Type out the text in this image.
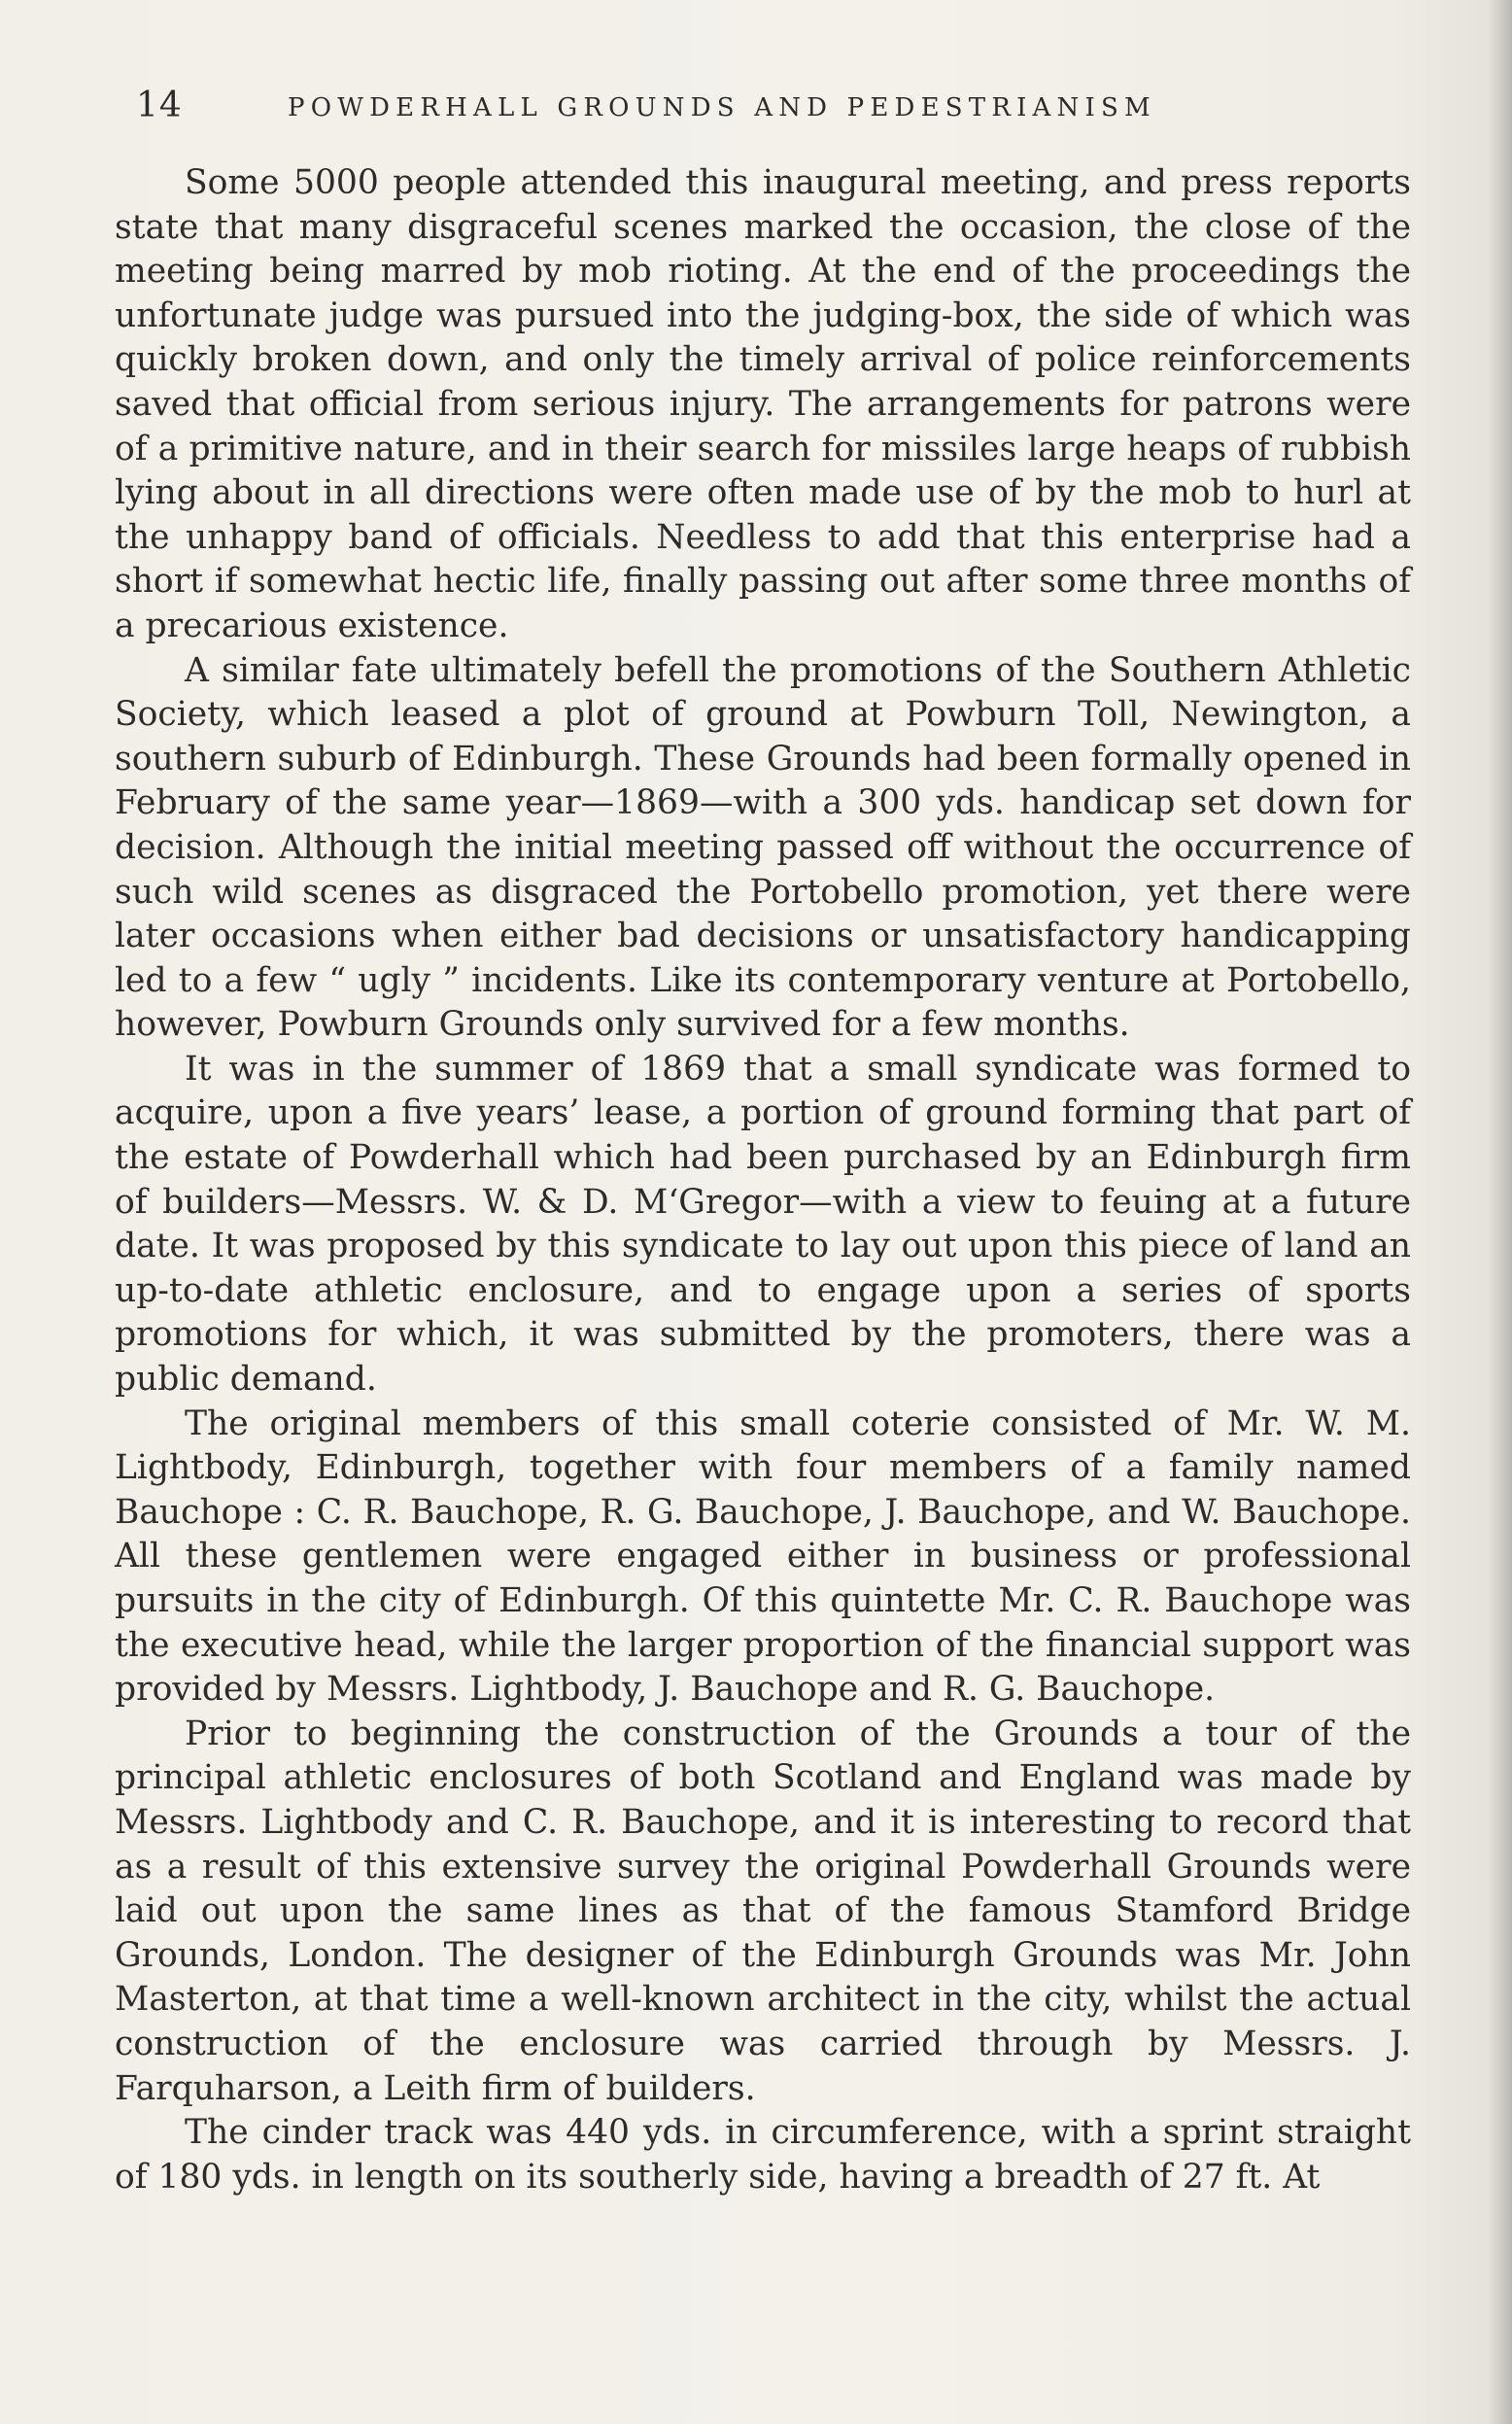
14	POWDERHALL GROUNDS AND PEDESTRIANISM

Some 5000 people attended this inaugural meeting, and press reports state that many disgraceful scenes marked the occasion, the close of the meeting being marred by mob rioting. At the end of the proceedings the unfortunate judge was pursued into the judging-box, the side of which was quickly broken down, and only the timely arrival of police reinforcements saved that official from serious injury. The arrangements for patrons were of a primitive nature, and in their search for missiles large heaps of rubbish lying about in all directions were often made use of by the mob to hurl at the unhappy band of officials. Needless to add that this enterprise had a short if somewhat hectic life, finally passing out after some three months of a precarious existence.

A similar fate ultimately befell the promotions of the Southern Athletic Society, which leased a plot of ground at Powburn Toll, Newington, a southern suburb of Edinburgh. These Grounds had been formally opened in February of the same year—1869—with a 300 yds. handicap set down for decision. Although the initial meeting passed off without the occurrence of such wild scenes as disgraced the Portobello promotion, yet there were later occasions when either bad decisions or unsatisfactory handicapping led to a few “ ugly ” incidents. Like its contemporary venture at Portobello, however, Powburn Grounds only survived for a few months.

It was in the summer of 1869 that a small syndicate was formed to acquire, upon a five years’ lease, a portion of ground forming that part of the estate of Powderhall which had been purchased by an Edinburgh firm of builders—Messrs. W. & D. M‘Gregor—with a view to feuing at a future date. It was proposed by this syndicate to lay out upon this piece of land an up-to-date athletic enclosure, and to engage upon a series of sports promotions for which, it was submitted by the promoters, there was a public demand.

The original members of this small coterie consisted of Mr. W. M. Lightbody, Edinburgh, together with four members of a family named Bauchope : C. R. Bauchope, R. G. Bauchope, J. Bauchope, and W. Bauchope. All these gentlemen were engaged either in business or professional pursuits in the city of Edinburgh. Of this quintette Mr. C. R. Bauchope was the executive head, while the larger proportion of the financial support was provided by Messrs. Lightbody, J. Bauchope and R. G. Bauchope.

Prior to beginning the construction of the Grounds a tour of the principal athletic enclosures of both Scotland and England was made by Messrs. Lightbody and C. R. Bauchope, and it is interesting to record that as a result of this extensive survey the original Powderhall Grounds were laid out upon the same lines as that of the famous Stamford Bridge Grounds, London. The designer of the Edinburgh Grounds was Mr. John Masterton, at that time a well-known architect in the city, whilst the actual construction of the enclosure was carried through by Messrs. J. Farquharson, a Leith firm of builders.

The cinder track was 440 yds. in circumference, with a sprint straight of 180 yds. in length on its southerly side, having a breadth of 27 ft. At
